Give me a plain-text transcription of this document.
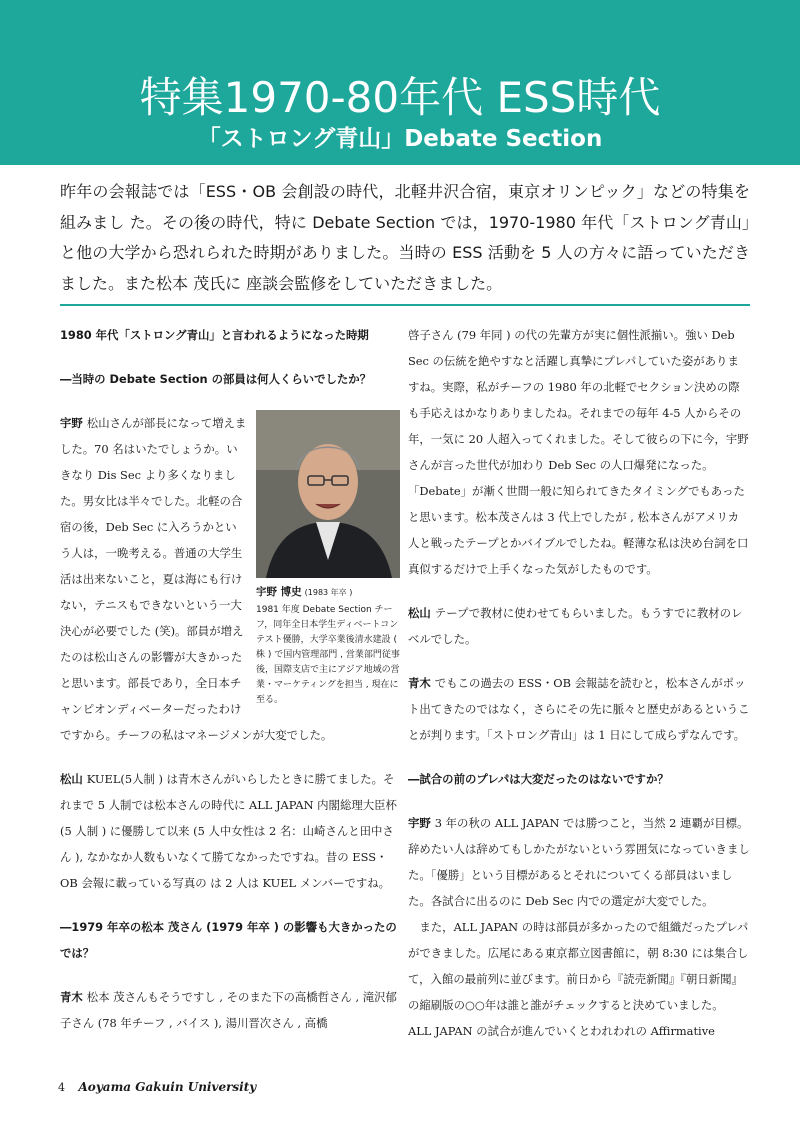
特集1970-80年代 ESS時代
「ストロング青山」Debate Section
昨年の会報誌では「ESS・OB 会創設の時代，北軽井沢合宿，東京オリンピック」などの特集を組みまし た。その後の時代，特に Debate Section では，1970-1980 年代「ストロング青山」と他の大学から恐れられた時期がありました。当時の ESS 活動を 5 人の方々に語っていただきました。また松本 茂氏に 座談会監修をしていただきました。

1980 年代「ストロング青山」と言われるようになった時期

―当時の Debate Section の部員は何人くらいでしたか？

宇野 博史 (1983 年卒 )
1981 年度 Debate Section チーフ，同年全日本学生ディベートコンテスト優勝，大学卒業後清水建設 ( 株 ) で国内管理部門 , 営業部門従事後，国際支店で主にアジア地域の営業・マーケティングを担当 , 現在に至る。

宇野 松山さんが部長になって増えました。70 名はいたでしょうか。いきなり Dis Sec より多くなりました。男女比は半々でした。北軽の合宿の後，Deb Sec に入ろうかという人は，一晩考える。普通の大学生活は出来ないこと，夏は海にも行けない，テニスもできないという一大決心が必要でした (笑)。部員が増えたのは松山さんの影響が大きかったと思います。部長であり，全日本チャンピオンディベーターだったわけですから。チーフの私はマネージメンが大変でした。

松山 KUEL(5人制 ) は青木さんがいらしたときに勝てました。それまで 5 人制では松本さんの時代に ALL JAPAN 内閣総理大臣杯 (5 人制 ) に優勝して以来 (5 人中女性は 2 名：山崎さんと田中さん ), なかなか人数もいなくて勝てなかったですね。昔の ESS・OB 会報に載っている写真の は 2 人は KUEL メンバーですね。

―1979 年卒の松本 茂さん (1979 年卒 ) の影響も大きかったのでは？

青木 松本 茂さんもそうですし , そのまた下の高橋哲さん , 滝沢郁子さん (78 年チーフ , バイス ), 湯川晋次さん , 高橋

啓子さん (79 年同 ) の代の先輩方が実に個性派揃い。強い Deb Sec の伝統を絶やすなと活躍し真摯にプレパしていた姿がありますね。実際，私がチーフの 1980 年の北軽でセクション決めの際も手応えはかなりありましたね。それまでの毎年 4-5 人からその年，一気に 20 人超入ってくれました。そして彼らの下に今，宇野さんが言った世代が加わり Deb Sec の人口爆発になった。「Debate」が漸く世間一般に知られてきたタイミングでもあったと思います。松本茂さんは 3 代上でしたが , 松本さんがアメリカ人と戦ったテープとかバイブルでしたね。軽薄な私は決め台詞を口真似するだけで上手くなった気がしたものです。

松山 テープで教材に使わせてもらいました。もうすでに教材のレベルでした。

青木 でもこの過去の ESS・OB 会報誌を読むと，松本さんがポット出てきたのではなく，さらにその先に脈々と歴史があるということが判ります。「ストロング青山」は 1 日にして成らずなんです。

―試合の前のプレパは大変だったのはないですか？

宇野 3 年の秋の ALL JAPAN では勝つこと，当然 2 連覇が目標。辞めたい人は辞めてもしかたがないという雰囲気になっていきました。「優勝」という目標があるとそれについてくる部員はいました。各試合に出るのに Deb Sec 内での選定が大変でした。

また，ALL JAPAN の時は部員が多かったので組織だったプレパができました。広尾にある東京都立図書館に，朝 8:30 には集合して，入館の最前列に並びます。前日から『読売新聞』『朝日新聞』の縮刷版の○○年は誰と誰がチェックすると決めていました。

ALL JAPAN の試合が進んでいくとわれわれの Affirmative

4 Aoyama Gakuin University
